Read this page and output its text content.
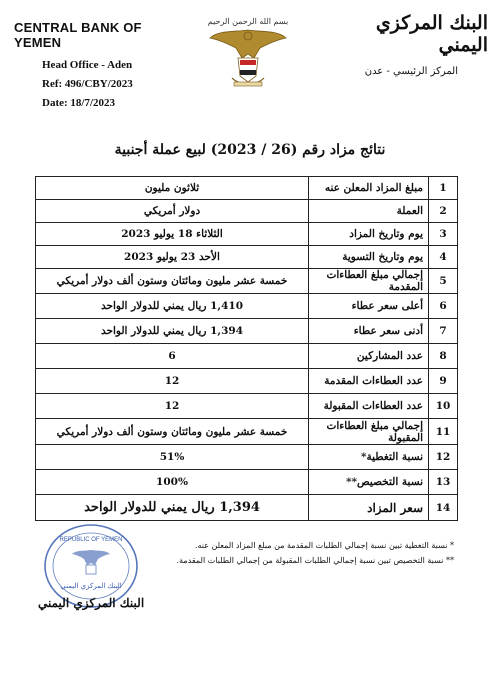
CENTRAL BANK OF YEMEN
Head Office - Aden
Ref: 496/CBY/2023
Date: 18/7/2023
بسم الله الرحمن الرحيم	البنك المركزي اليمني
المركز الرئيسي - عدن
نتائج مزاد رقم (26 / 2023) لبيع عملة أجنبية
1	مبلغ المزاد المعلن عنه	ثلاثون مليون
2	العملة	دولار أمريكي
3	يوم وتاريخ المزاد	الثلاثاء 18 يوليو 2023
4	يوم وتاريخ التسوية	الأحد 23 يوليو 2023
5	إجمالي مبلغ العطاءات المقدمة	خمسة عشر مليون ومائتان وستون ألف دولار أمريكي
6	أعلى سعر عطاء	1,410 ريال يمني للدولار الواحد
7	أدنى سعر عطاء	1,394 ريال يمني للدولار الواحد
8	عدد المشاركين	6
9	عدد العطاءات المقدمة	12
10	عدد العطاءات المقبولة	12
11	إجمالي مبلغ العطاءات المقبولة	خمسة عشر مليون ومائتان وستون ألف دولار أمريكي
12	نسبة التغطية*	51%
13	نسبة التخصيص**	100%
14	سعر المزاد	1,394 ريال يمني للدولار الواحد
* نسبة التغطية تبين نسبة إجمالي الطلبات المقدمة من مبلغ المزاد المعلن عنه.
** نسبة التخصيص تبين نسبة إجمالي الطلبات المقبولة من إجمالي الطلبات المقدمة.
REPUBLIC OF YEMEN
البنك المركزي اليمني
البنك المركزي اليمني
